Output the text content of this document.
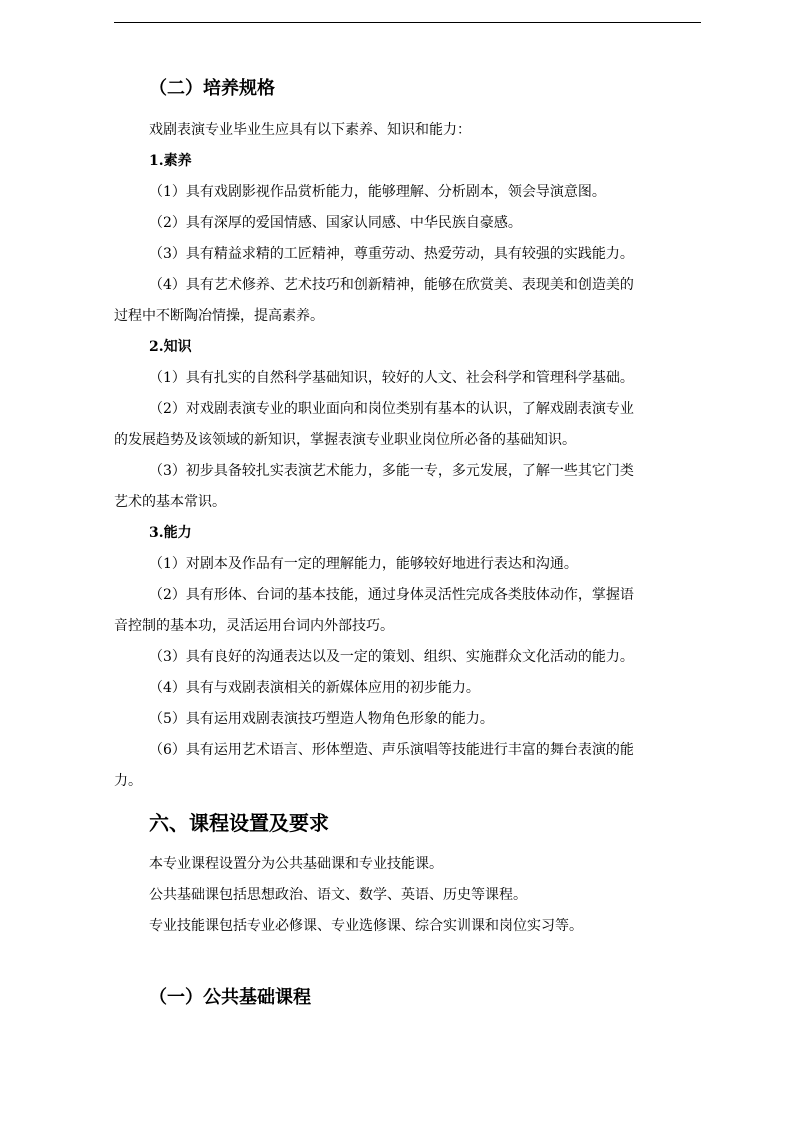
（二）培养规格
戏剧表演专业毕业生应具有以下素养、知识和能力：
1.素养
（1）具有戏剧影视作品赏析能力，能够理解、分析剧本，领会导演意图。
（2）具有深厚的爱国情感、国家认同感、中华民族自豪感。
（3）具有精益求精的工匠精神，尊重劳动、热爱劳动，具有较强的实践能力。
（4）具有艺术修养、艺术技巧和创新精神，能够在欣赏美、表现美和创造美的
过程中不断陶冶情操，提高素养。
2.知识
（1）具有扎实的自然科学基础知识，较好的人文、社会科学和管理科学基础。
（2）对戏剧表演专业的职业面向和岗位类别有基本的认识，了解戏剧表演专业
的发展趋势及该领域的新知识，掌握表演专业职业岗位所必备的基础知识。
（3）初步具备较扎实表演艺术能力，多能一专，多元发展，了解一些其它门类
艺术的基本常识。
3.能力
（1）对剧本及作品有一定的理解能力，能够较好地进行表达和沟通。
（2）具有形体、台词的基本技能，通过身体灵活性完成各类肢体动作，掌握语
音控制的基本功，灵活运用台词内外部技巧。
（3）具有良好的沟通表达以及一定的策划、组织、实施群众文化活动的能力。
（4）具有与戏剧表演相关的新媒体应用的初步能力。
（5）具有运用戏剧表演技巧塑造人物角色形象的能力。
（6）具有运用艺术语言、形体塑造、声乐演唱等技能进行丰富的舞台表演的能
力。
六、课程设置及要求
本专业课程设置分为公共基础课和专业技能课。
公共基础课包括思想政治、语文、数学、英语、历史等课程。
专业技能课包括专业必修课、专业选修课、综合实训课和岗位实习等。
（一）公共基础课程
